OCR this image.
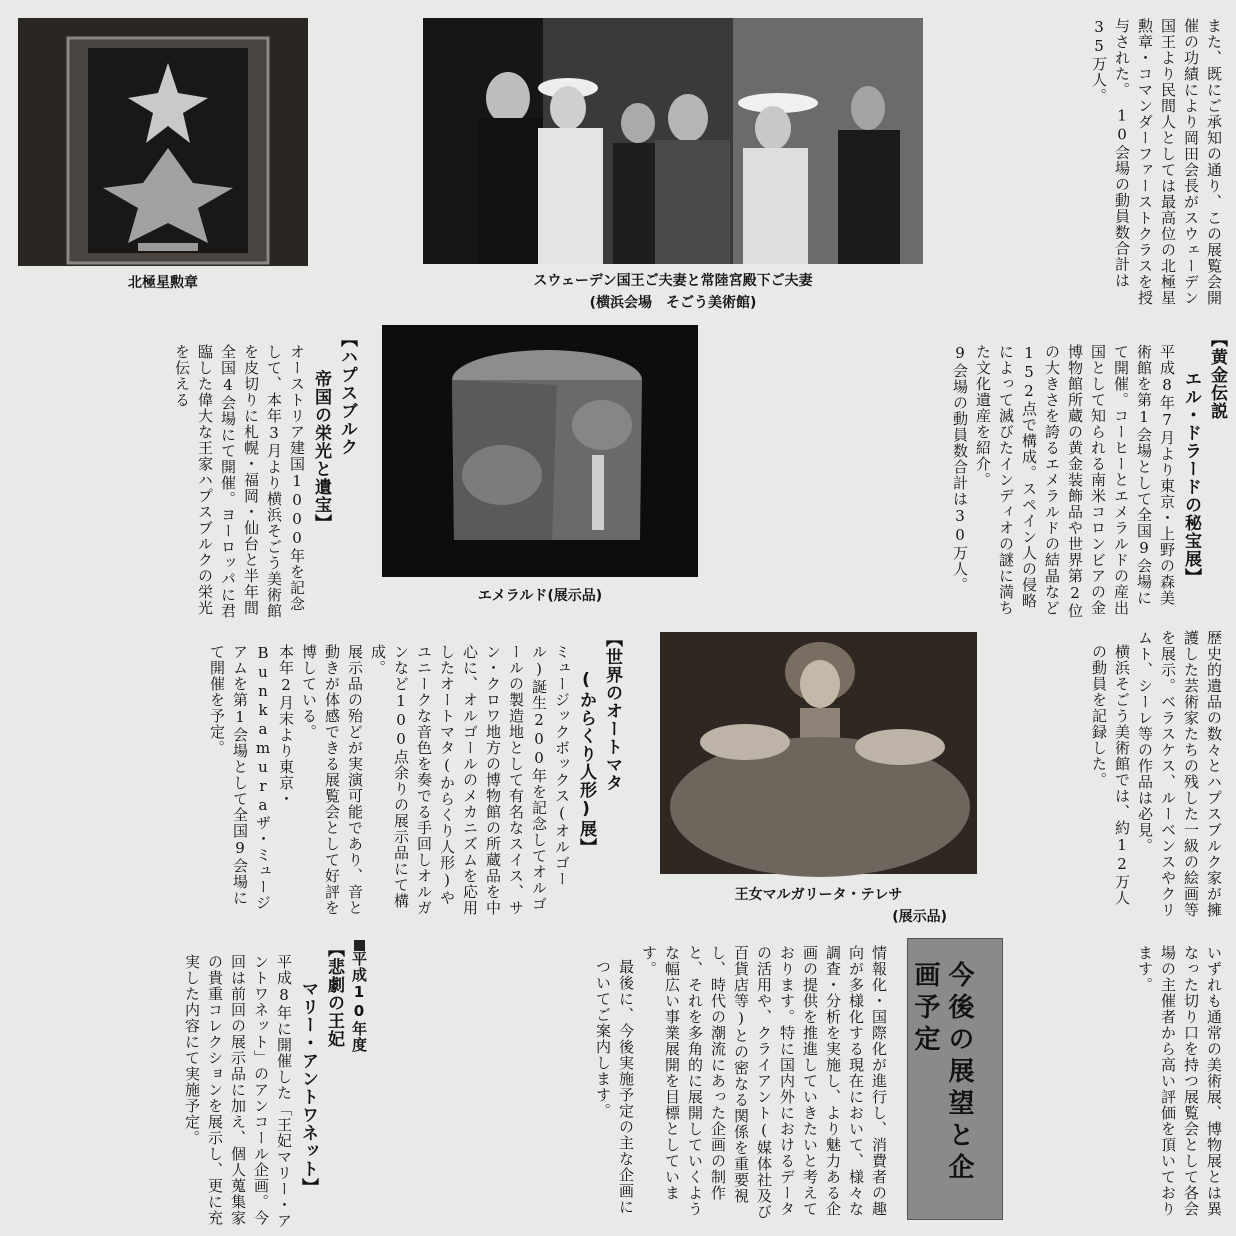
北極星勲章	スウェーデン国王ご夫妻と常陸宮殿下ご夫妻
(横浜会場　そごう美術館)	また、既にご承知の通り、この展覧会開催の功績により岡田会長がスウェーデン国王より民間人としては最高位の北極星勲章・コマンダーファーストクラスを授与された。　10会場の動員数合計は35万人。

【黄金伝説

エル・ドラードの秘宝展】

平成8年7月より東京・上野の森美術館を第1会場として全国9会場にて開催。コーヒーとエメラルドの産出国として知られる南米コロンビアの金博物館所蔵の黄金装飾品や世界第2位の大きさを誇るエメラルドの結晶など152点で構成。スペイン人の侵略によって滅びたインディオの謎に満ちた文化遺産を紹介。

9会場の動員数合計は30万人。

エメラルド(展示品)

【ハプスブルク

帝国の栄光と遺宝】

オーストリア建国1000年を記念して、本年3月より横浜そごう美術館を皮切りに札幌・福岡・仙台と半年間全国4会場にて開催。ヨーロッパに君臨した偉大な王家ハプスブルクの栄光を伝える

歴史的遺品の数々とハプスブルク家が擁護した芸術家たちの残した一級の絵画等を展示。ベラスケス、ルーベンスやクリムト、シーレ等の作品は必見。

横浜そごう美術館では、約12万人の動員を記録した。

王女マルガリータ・テレサ
(展示品)

【世界のオートマタ

(からくり人形)展】

ミュージックボックス(オルゴール)誕生200年を記念してオルゴールの製造地として有名なスイス、サン・クロワ地方の博物館の所蔵品を中心に、オルゴールのメカニズムを応用したオートマタ(からくり人形)やユニークな音色を奏でる手回しオルガンなど100点余りの展示品にて構成。

展示品の殆どが実演可能であり、音と動きが体感できる展覧会として好評を博している。

本年2月末より東京・Bunkamuraザ・ミュージアムを第1会場として全国9会場にて開催を予定。

今後の展望と企画予定	いずれも通常の美術展、博物展とは異なった切り口を持つ展覧会として各会場の主催者から高い評価を頂いております。

情報化・国際化が進行し、消費者の趣向が多様化する現在において、様々な調査・分析を実施し、より魅力ある企画の提供を推進していきたいと考えております。特に国内外におけるデータの活用や、クライアント(媒体社及び百貨店等)との密なる関係を重要視し、時代の潮流にあった企画の制作と、それを多角的に展開していくような幅広い事業展開を目標としています。

最後に、今後実施予定の主な企画についてご案内します。

平成10年度

【悲劇の王妃

マリー・アントワネット】

平成8年に開催した「王妃マリー・アントワネット」のアンコール企画。今回は前回の展示品に加え、個人蒐集家の貴重コレクションを展示し、更に充実した内容にて実施予定。
